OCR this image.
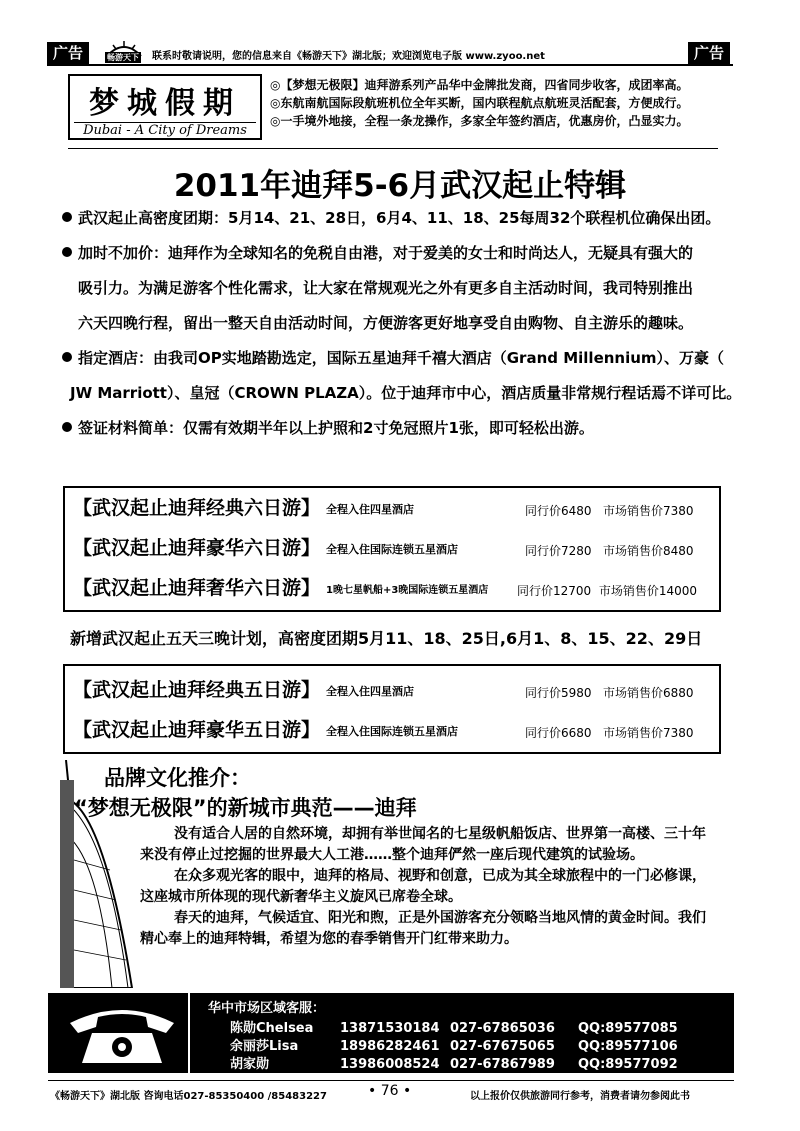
广告	畅游天下 联系时敬请说明，您的信息来自《畅游天下》湖北版；欢迎浏览电子版 www.zyoo.net	广告
梦城假期
Dubai - A City of Dreams
◎【梦想无极限】迪拜游系列产品华中金牌批发商，四省同步收客，成团率高。
◎东航南航国际段航班机位全年买断，国内联程航点航班灵活配套，方便成行。
◎一手境外地接，全程一条龙操作，多家全年签约酒店，优惠房价，凸显实力。
2011年迪拜5-6月武汉起止特辑
武汉起止高密度团期：5月14、21、28日，6月4、11、18、25每周32个联程机位确保出团。
加时不加价：迪拜作为全球知名的免税自由港，对于爱美的女士和时尚达人，无疑具有强大的
吸引力。为满足游客个性化需求，让大家在常规观光之外有更多自主活动时间，我司特别推出
六天四晚行程，留出一整天自由活动时间，方便游客更好地享受自由购物、自主游乐的趣味。
指定酒店：由我司OP实地踏勘选定，国际五星迪拜千禧大酒店（Grand Millennium）、万豪（
JW Marriott）、皇冠（CROWN PLAZA）。位于迪拜市中心，酒店质量非常规行程话焉不详可比。
签证材料简单：仅需有效期半年以上护照和2寸免冠照片1张，即可轻松出游。
【武汉起止迪拜经典六日游】 全程入住四星酒店	同行价6480 市场销售价7380
【武汉起止迪拜豪华六日游】 全程入住国际连锁五星酒店	同行价7280 市场销售价8480
【武汉起止迪拜奢华六日游】 1晚七星帆船+3晚国际连锁五星酒店 同行价12700 市场销售价14000
新增武汉起止五天三晚计划，高密度团期5月11、18、25日,6月1、8、15、22、29日
【武汉起止迪拜经典五日游】 全程入住四星酒店	同行价5980 市场销售价6880
【武汉起止迪拜豪华五日游】 全程入住国际连锁五星酒店	同行价6680 市场销售价7380
品牌文化推介：
“梦想无极限”的新城市典范——迪拜
没有适合人居的自然环境，却拥有举世闻名的七星级帆船饭店、世界第一高楼、三十年来没有停止过挖掘的世界最大人工港……整个迪拜俨然一座后现代建筑的试验场。
在众多观光客的眼中，迪拜的格局、视野和创意，已成为其全球旅程中的一门必修课，这座城市所体现的现代新奢华主义旋风已席卷全球。
春天的迪拜，气候适宜、阳光和煦，正是外国游客充分领略当地风情的黄金时间。我们精心奉上的迪拜特辑，希望为您的春季销售开门红带来助力。
华中市场区域客服：
陈勋Chelsea 13871530184 027-67865036 QQ:89577085
余丽莎Lisa	18986282461 027-67675065 QQ:89577106
胡家勋	13986008524 027-67867989 QQ:89577092
《畅游天下》湖北版 咨询电话027-85350400 /85483227	• 76 •	以上报价仅供旅游同行参考，消费者请勿参阅此书
